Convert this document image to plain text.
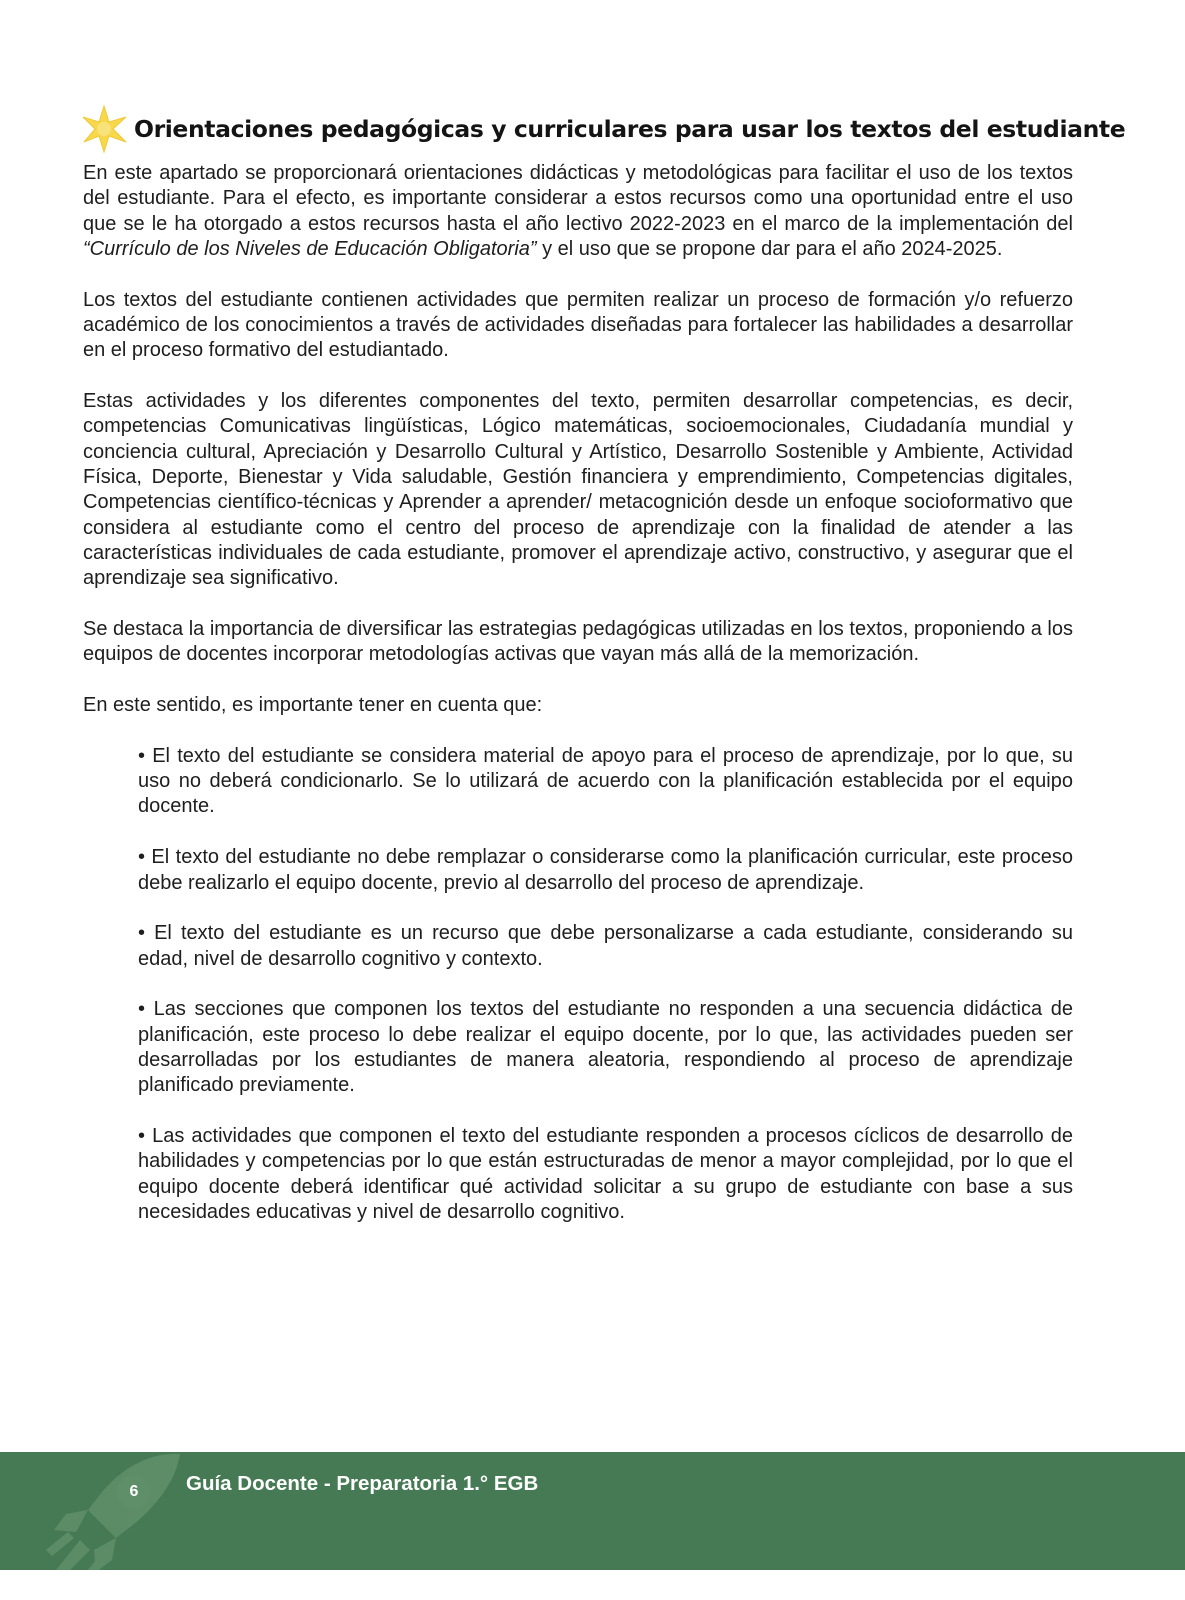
Orientaciones pedagógicas y curriculares para usar los textos del estudiante

En este apartado se proporcionará orientaciones didácticas y metodológicas para facilitar el uso de los textos del estudiante. Para el efecto, es importante considerar a estos recursos como una oportunidad entre el uso que se le ha otorgado a estos recursos hasta el año lectivo 2022-2023 en el marco de la implementación del “Currículo de los Niveles de Educación Obligatoria” y el uso que se propone dar para el año 2024-2025.

Los textos del estudiante contienen actividades que permiten realizar un proceso de formación y/o refuerzo académico de los conocimientos a través de actividades diseñadas para fortalecer las habilidades a desarrollar en el proceso formativo del estudiantado.

Estas actividades y los diferentes componentes del texto, permiten desarrollar competencias, es decir, competencias Comunicativas lingüísticas, Lógico matemáticas, socioemocionales, Ciudadanía mundial y conciencia cultural, Apreciación y Desarrollo Cultural y Artístico, Desarrollo Sostenible y Ambiente, Actividad Física, Deporte, Bienestar y Vida saludable, Gestión financiera y emprendimiento, Competencias digitales, Competencias científico-técnicas y Aprender a aprender/ metacognición desde un enfoque socioformativo que considera al estudiante como el centro del proceso de aprendizaje con la finalidad de atender a las características individuales de cada estudiante, promover el aprendizaje activo, constructivo, y asegurar que el aprendizaje sea significativo.

Se destaca la importancia de diversificar las estrategias pedagógicas utilizadas en los textos, proponiendo a los equipos de docentes incorporar metodologías activas que vayan más allá de la memorización.

En este sentido, es importante tener en cuenta que:

• El texto del estudiante se considera material de apoyo para el proceso de aprendizaje, por lo que, su uso no deberá condicionarlo. Se lo utilizará de acuerdo con la planificación establecida por el equipo docente.
• El texto del estudiante no debe remplazar o considerarse como la planificación curricular, este proceso debe realizarlo el equipo docente, previo al desarrollo del proceso de aprendizaje.
• El texto del estudiante es un recurso que debe personalizarse a cada estudiante, considerando su edad, nivel de desarrollo cognitivo y contexto.
• Las secciones que componen los textos del estudiante no responden a una secuencia didáctica de planificación, este proceso lo debe realizar el equipo docente, por lo que, las actividades pueden ser desarrolladas por los estudiantes de manera aleatoria, respondiendo al proceso de aprendizaje planificado previamente.
• Las actividades que componen el texto del estudiante responden a procesos cíclicos de desarrollo de habilidades y competencias por lo que están estructuradas de menor a mayor complejidad, por lo que el equipo docente deberá identificar qué actividad solicitar a su grupo de estudiante con base a sus necesidades educativas y nivel de desarrollo cognitivo.
6	Guía Docente - Preparatoria 1.° EGB
